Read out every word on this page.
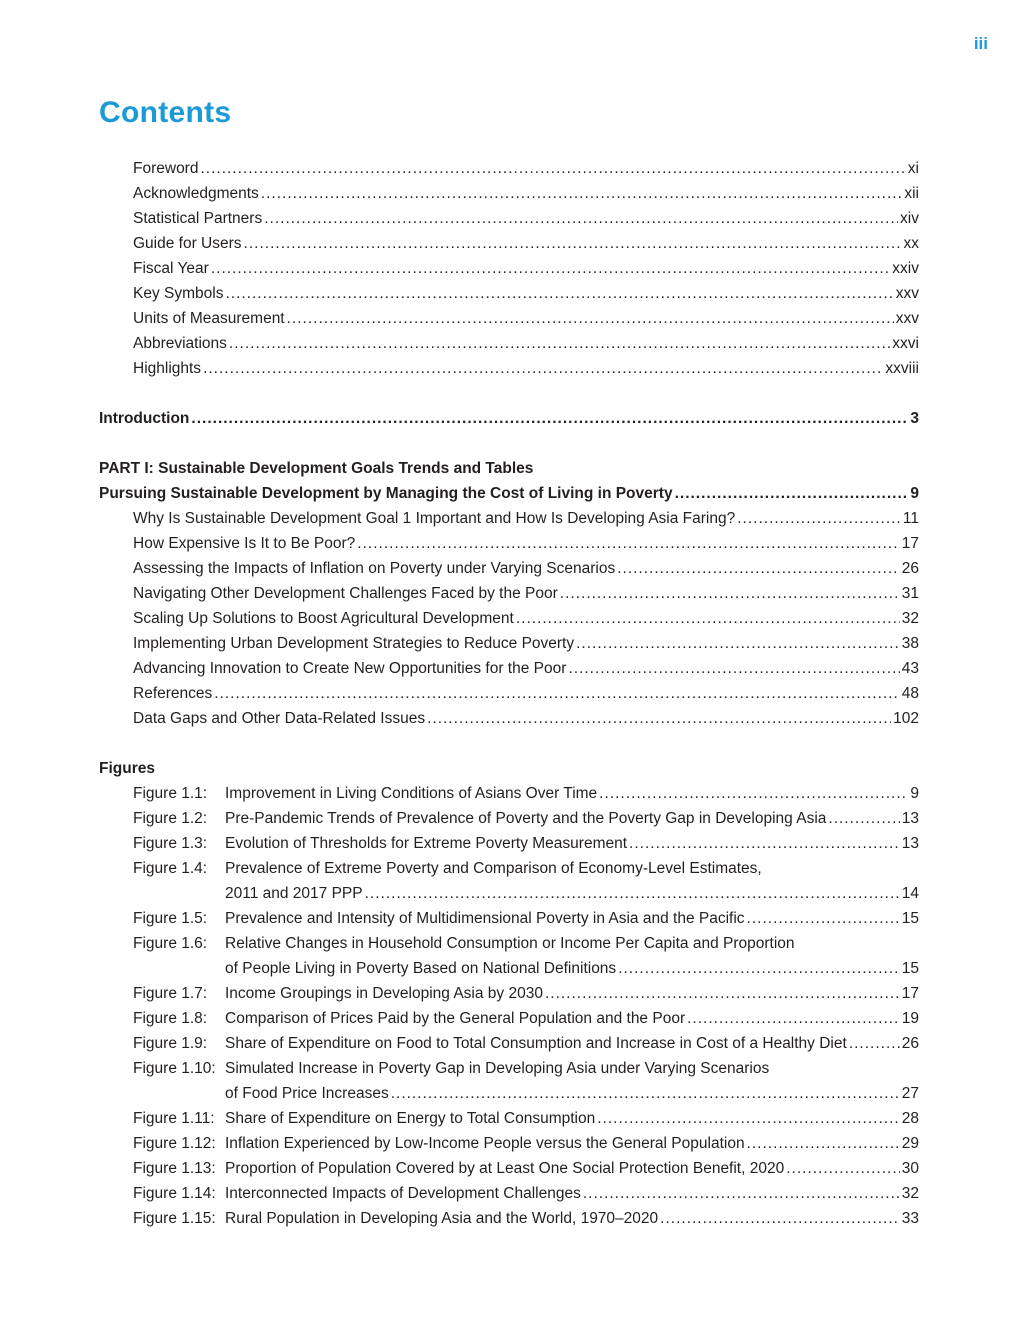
iii
Contents
Foreword .....	xi
Acknowledgments .....	xii
Statistical Partners .....	xiv
Guide for Users .....	xx
Fiscal Year .....	xxiv
Key Symbols .....	xxv
Units of Measurement .....	xxv
Abbreviations .....	xxvi
Highlights .....	xxviii
Introduction .....	3
PART I: Sustainable Development Goals Trends and Tables
Pursuing Sustainable Development by Managing the Cost of Living in Poverty .....	9
Why Is Sustainable Development Goal 1 Important and How Is Developing Asia Faring? .....	11
How Expensive Is It to Be Poor? .....	17
Assessing the Impacts of Inflation on Poverty under Varying Scenarios .....	26
Navigating Other Development Challenges Faced by the Poor .....	31
Scaling Up Solutions to Boost Agricultural Development .....	32
Implementing Urban Development Strategies to Reduce Poverty .....	38
Advancing Innovation to Create New Opportunities for the Poor .....	43
References .....	48
Data Gaps and Other Data-Related Issues .....	102
Figures
Figure 1.1:	Improvement in Living Conditions of Asians Over Time .....	9
Figure 1.2:	Pre-Pandemic Trends of Prevalence of Poverty and the Poverty Gap in Developing Asia .....	13
Figure 1.3:	Evolution of Thresholds for Extreme Poverty Measurement .....	13
Figure 1.4:	Prevalence of Extreme Poverty and Comparison of Economy-Level Estimates,
2011 and 2017 PPP .....	14
Figure 1.5:	Prevalence and Intensity of Multidimensional Poverty in Asia and the Pacific .....	15
Figure 1.6:	Relative Changes in Household Consumption or Income Per Capita and Proportion
of People Living in Poverty Based on National Definitions .....	15
Figure 1.7:	Income Groupings in Developing Asia by 2030 .....	17
Figure 1.8:	Comparison of Prices Paid by the General Population and the Poor .....	19
Figure 1.9:	Share of Expenditure on Food to Total Consumption and Increase in Cost of a Healthy Diet .....	26
Figure 1.10: Simulated Increase in Poverty Gap in Developing Asia under Varying Scenarios
of Food Price Increases .....	27
Figure 1.11: Share of Expenditure on Energy to Total Consumption .....	28
Figure 1.12: Inflation Experienced by Low-Income People versus the General Population .....	29
Figure 1.13: Proportion of Population Covered by at Least One Social Protection Benefit, 2020 .....	30
Figure 1.14: Interconnected Impacts of Development Challenges .....	32
Figure 1.15: Rural Population in Developing Asia and the World, 1970–2020 .....	33
